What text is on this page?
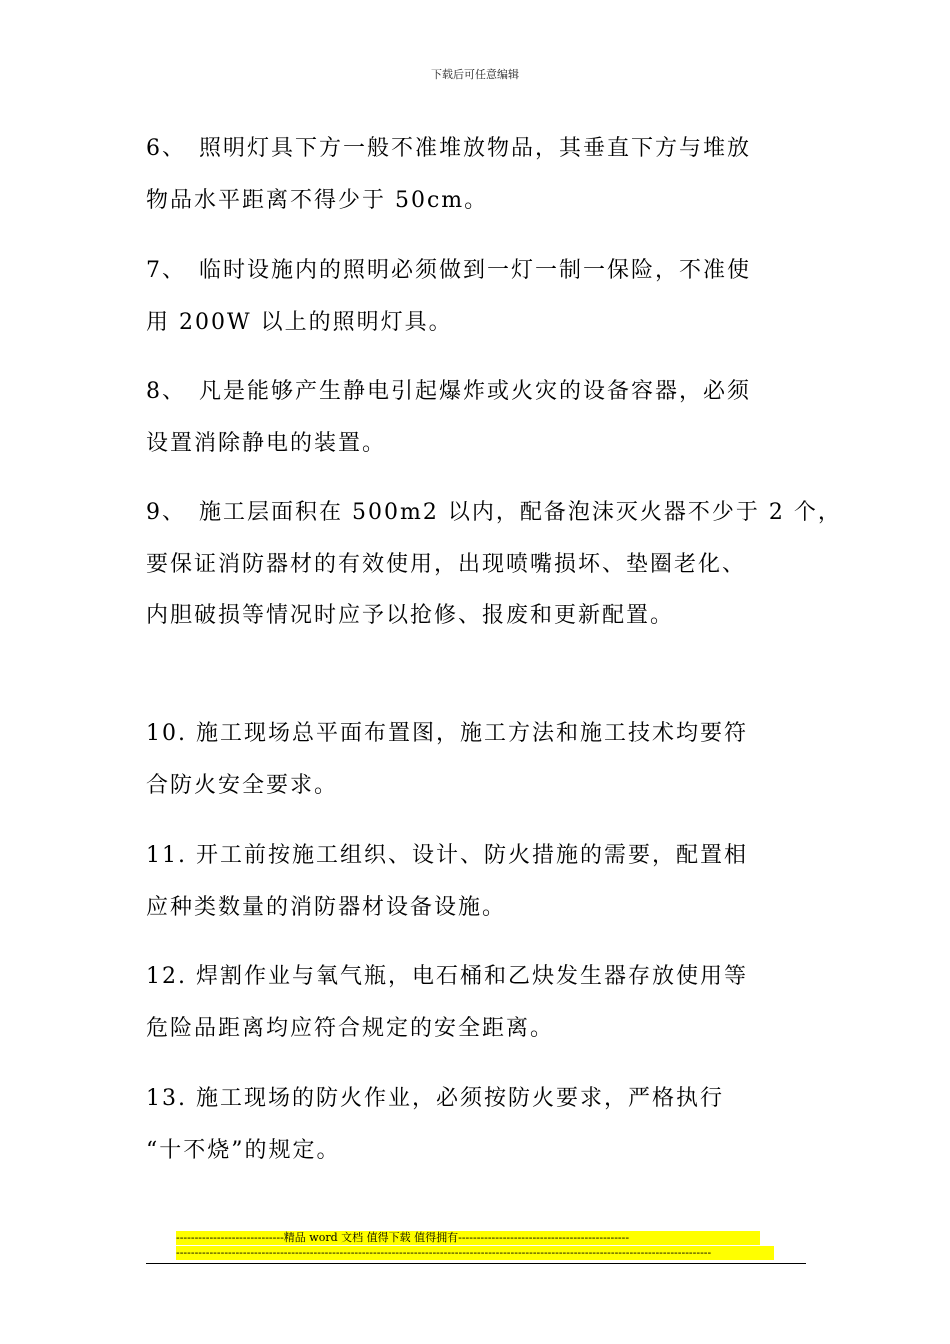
下载后可任意编辑
6、　照明灯具下方一般不准堆放物品，其垂直下方与堆放
物品水平距离不得少于 50cm。
7、　临时设施内的照明必须做到一灯一制一保险，不准使
用 200W 以上的照明灯具。
8、　凡是能够产生静电引起爆炸或火灾的设备容器，必须
设置消除静电的装置。
9、　施工层面积在 500m2 以内，配备泡沫灭火器不少于 2 个，
要保证消防器材的有效使用，出现喷嘴损坏、垫圈老化、
内胆破损等情况时应予以抢修、报废和更新配置。
10. 施工现场总平面布置图，施工方法和施工技术均要符
合防火安全要求。
11. 开工前按施工组织、设计、防火措施的需要，配置相
应种类数量的消防器材设备设施。
12. 焊割作业与氧气瓶，电石桶和乙炔发生器存放使用等
危险品距离均应符合规定的安全距离。
13. 施工现场的防火作业，必须按防火要求，严格执行
“十不烧”的规定。
-----------------------------精品 word 文档 值得下载 值得拥有----------------------------------------------
------------------------------------------------------------------------------------------------------------------------------------------------
